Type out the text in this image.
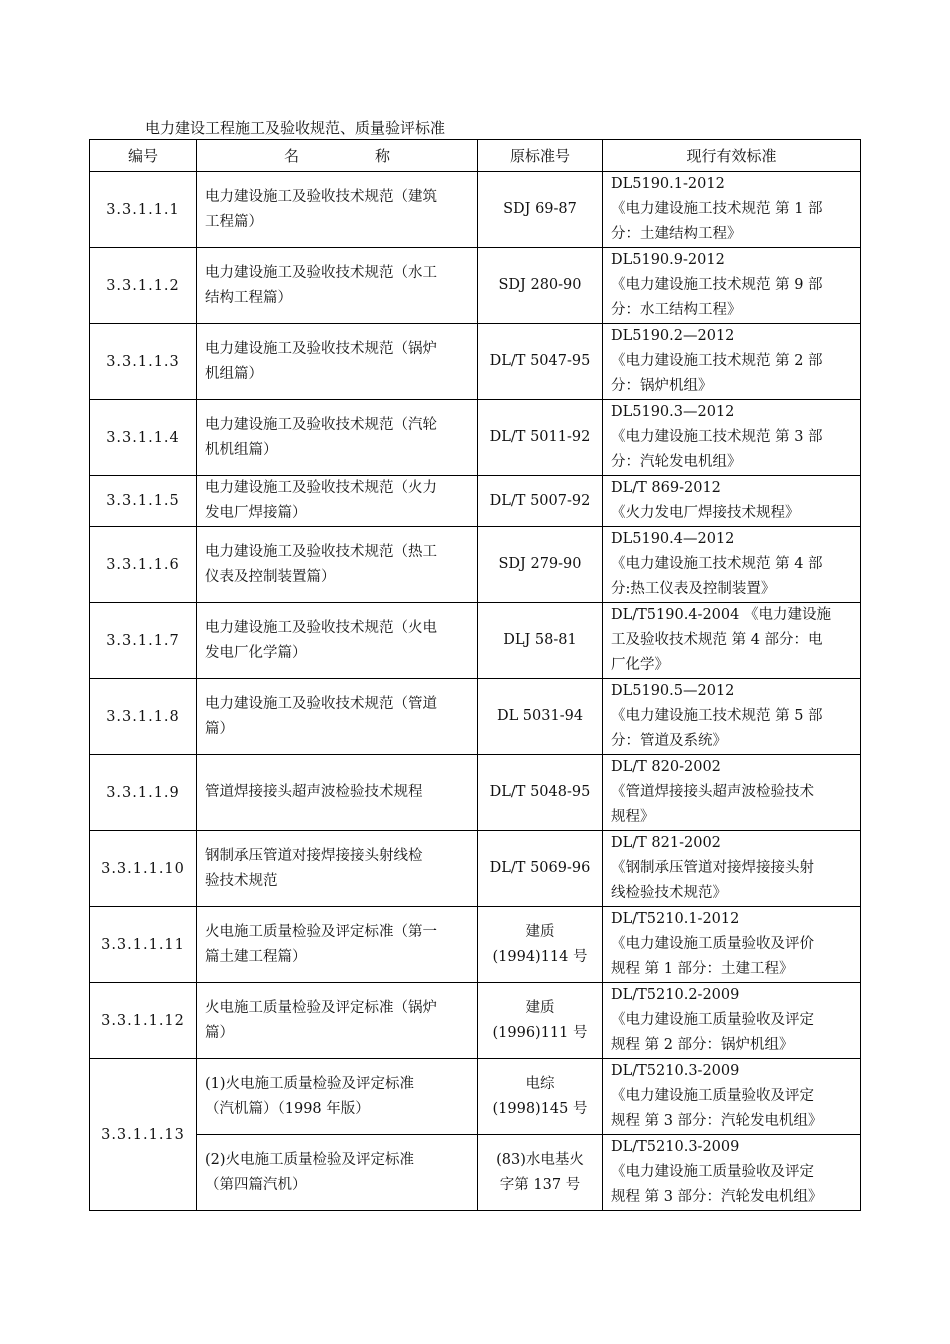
电力建设工程施工及验收规范、质量验评标准
编号	名 称	原标准号	现行有效标准
3.3.1.1.1	电力建设施工及验收技术规范（建筑
工程篇）	SDJ 69-87	DL5190.1-2012
《电力建设施工技术规范 第 1 部
分：土建结构工程》

3.3.1.1.2	电力建设施工及验收技术规范（水工
结构工程篇）	SDJ 280-90	DL5190.9-2012
《电力建设施工技术规范 第 9 部
分：水工结构工程》

3.3.1.1.3	电力建设施工及验收技术规范（锅炉
机组篇）	DL/T 5047-95	DL5190.2—2012
《电力建设施工技术规范 第 2 部
分：锅炉机组》

3.3.1.1.4	电力建设施工及验收技术规范（汽轮
机机组篇）	DL/T 5011-92	DL5190.3—2012
《电力建设施工技术规范 第 3 部
分：汽轮发电机组》

3.3.1.1.5	电力建设施工及验收技术规范（火力
发电厂焊接篇）	DL/T 5007-92	DL/T 869-2012
《火力发电厂焊接技术规程》

3.3.1.1.6	电力建设施工及验收技术规范（热工
仪表及控制装置篇）	SDJ 279-90	DL5190.4—2012
《电力建设施工技术规范 第 4 部
分:热工仪表及控制装置》

3.3.1.1.7	电力建设施工及验收技术规范（火电
发电厂化学篇）	DLJ 58-81	DL/T5190.4-2004 《电力建设施
工及验收技术规范 第 4 部分：电
厂化学》

3.3.1.1.8	电力建设施工及验收技术规范（管道
篇）	DL 5031-94	DL5190.5—2012
《电力建设施工技术规范 第 5 部
分：管道及系统》

3.3.1.1.9	管道焊接接头超声波检验技术规程	DL/T 5048-95	DL/T 820-2002
《管道焊接接头超声波检验技术
规程》

3.3.1.1.10	钢制承压管道对接焊接接头射线检
验技术规范	DL/T 5069-96	DL/T 821-2002
《钢制承压管道对接焊接接头射
线检验技术规范》

3.3.1.1.11	火电施工质量检验及评定标准（第一
篇土建工程篇）	建质
(1994)114 号	DL/T5210.1-2012
《电力建设施工质量验收及评价
规程 第 1 部分：土建工程》

3.3.1.1.12	火电施工质量检验及评定标准（锅炉
篇）	建质
(1996)111 号	DL/T5210.2-2009
《电力建设施工质量验收及评定
规程 第 2 部分：锅炉机组》

3.3.1.1.13	(1)火电施工质量检验及评定标准
（汽机篇）（1998 年版）	电综
(1998)145 号	DL/T5210.3-2009
《电力建设施工质量验收及评定
规程 第 3 部分：汽轮发电机组》

	(2)火电施工质量检验及评定标准
（第四篇汽机）	(83)水电基火
字第 137 号	DL/T5210.3-2009
《电力建设施工质量验收及评定
规程 第 3 部分：汽轮发电机组》
